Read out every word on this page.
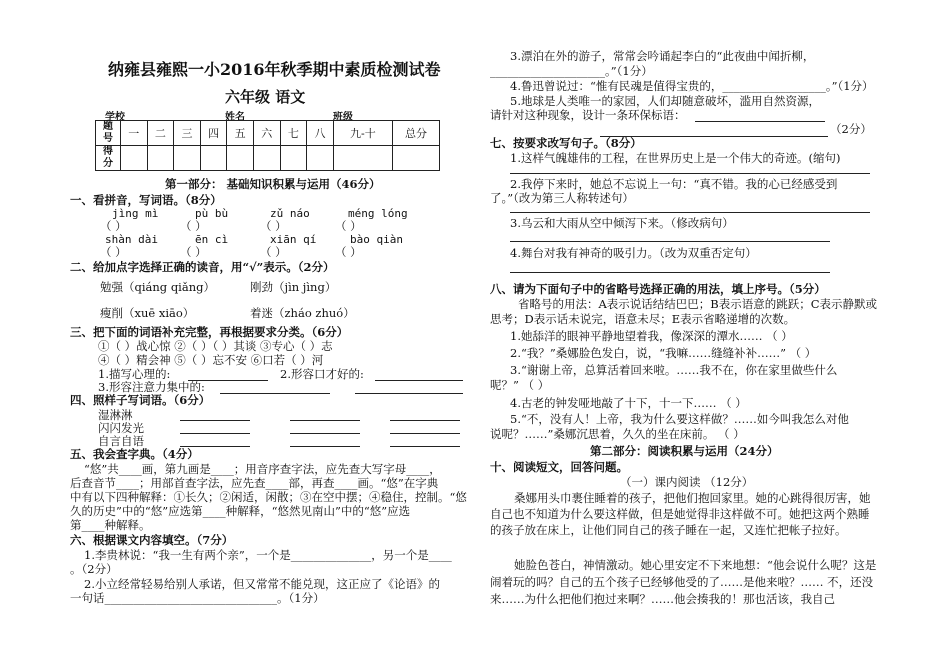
纳雍县雍熙一小2016年秋季期中素质检测试卷
六年级 语文
学校	姓名	班级
题号	一	二	三	四	五	六	七	八	九-十	总分
得分										
第一部分： 基础知识积累与运用（46分）
一、看拼音，写词语。（8分）
jìng mì	pù bù	zǔ náo	méng lóng
（ ）	（ ）	（ ）	（ ）
shàn dài	ēn cì	xiān qí	bào qiàn
（ ）	（ ）	（ ）	（ ）
二、给加点字选择正确的读音，用“√”表示。（2分）
勉强（qiáng qiǎng）	刚劲（jìn jìng）
瘦削（xuē xiāo）	着迷（zháo zhuó）
三、把下面的词语补充完整，再根据要求分类。（6分）
①（ ）战心惊 ②（ ）（ ）其谈 ③专心（ ）志
④（ ）精会神 ⑤（ ）忘不安 ⑥口若（ ）河
1.描写心理的:	2.形容口才好的:
3.形容注意力集中的:
四、照样子写词语。（6分）
湿淋淋
闪闪发光
自言自语
五、我会查字典。（4分）
“悠”共____画，第九画是____；用音序查字法，应先查大写字母____，
后查音节____；用部首查字法，应先查____部，再查____画。“悠”在字典
中有以下四种解释：①长久；②闲适，闲散；③在空中摆；④稳住，控制。“悠
久的历史”中的“悠”应选第____种解释，“悠然见南山”中的“悠”应选
第____种解释。
六、根据课文内容填空。（7分）
1.李贵林说：“我一生有两个亲”，一个是______________，另一个是____
。（2分）
2.小立经常轻易给别人承诺，但又常常不能兑现，这正应了《论语》的
一句话______________________________。（1分）
3.漂泊在外的游子，常常会吟诵起李白的“此夜曲中闻折柳，
____________________。”（1分）
4.鲁迅曾说过：“惟有民魂是值得宝贵的，__________________。”（1分）
5.地球是人类唯一的家园，人们却随意破坏，滥用自然资源，
请针对这种现象，设计一条环保标语：
（2分）
七、按要求改写句子。（8分）
1.这样气魄雄伟的工程，在世界历史上是一个伟大的奇迹。(缩句)
2.我停下来时，她总不忘说上一句：“真不错。我的心已经感受到
了。”（改为第三人称转述句）
3.乌云和大雨从空中倾泻下来。（修改病句）
4.舞台对我有神奇的吸引力。（改为双重否定句）
八、请为下面句子中的省略号选择正确的用法，填上序号。（5分）
省略号的用法：A表示说话结结巴巴；B表示语意的跳跃；C表示静默或
思考；D表示话未说完，语意未尽；E表示省略递增的次数。
1.她舔洋的眼神平静地望着我，像深深的潭水…… （ ）
2.“我？”桑娜脸色发白，说，“我嘛……缝缝补补……” （ ）
3.“谢谢上帝，总算活着回来啦。……我不在，你在家里做些什么
呢？” （ ）
4.古老的钟发哑地敲了十下，十一下…… （ ）
5.“不，没有人！上帝，我为什么要这样做？……如今叫我怎么对他
说呢？……”桑娜沉思着，久久的坐在床前。 （ ）
第二部分：阅读积累与运用（24分）
十、阅读短文，回答问题。
（一）课内阅读 （12分）
桑娜用头巾裹住睡着的孩子，把他们抱回家里。她的心跳得很厉害，她自己也不知道为什么要这样做，但是她觉得非这样做不可。她把这两个熟睡的孩子放在床上，让他们同自己的孩子睡在一起，又连忙把帐子拉好。
她脸色苍白，神情激动。她心里安定不下来地想：“他会说什么呢？这是闹着玩的吗？自己的五个孩子已经够他受的了……是他来啦？…… 不，还没来……为什么把他们抱过来啊？……他会揍我的！那也活该，我自己
